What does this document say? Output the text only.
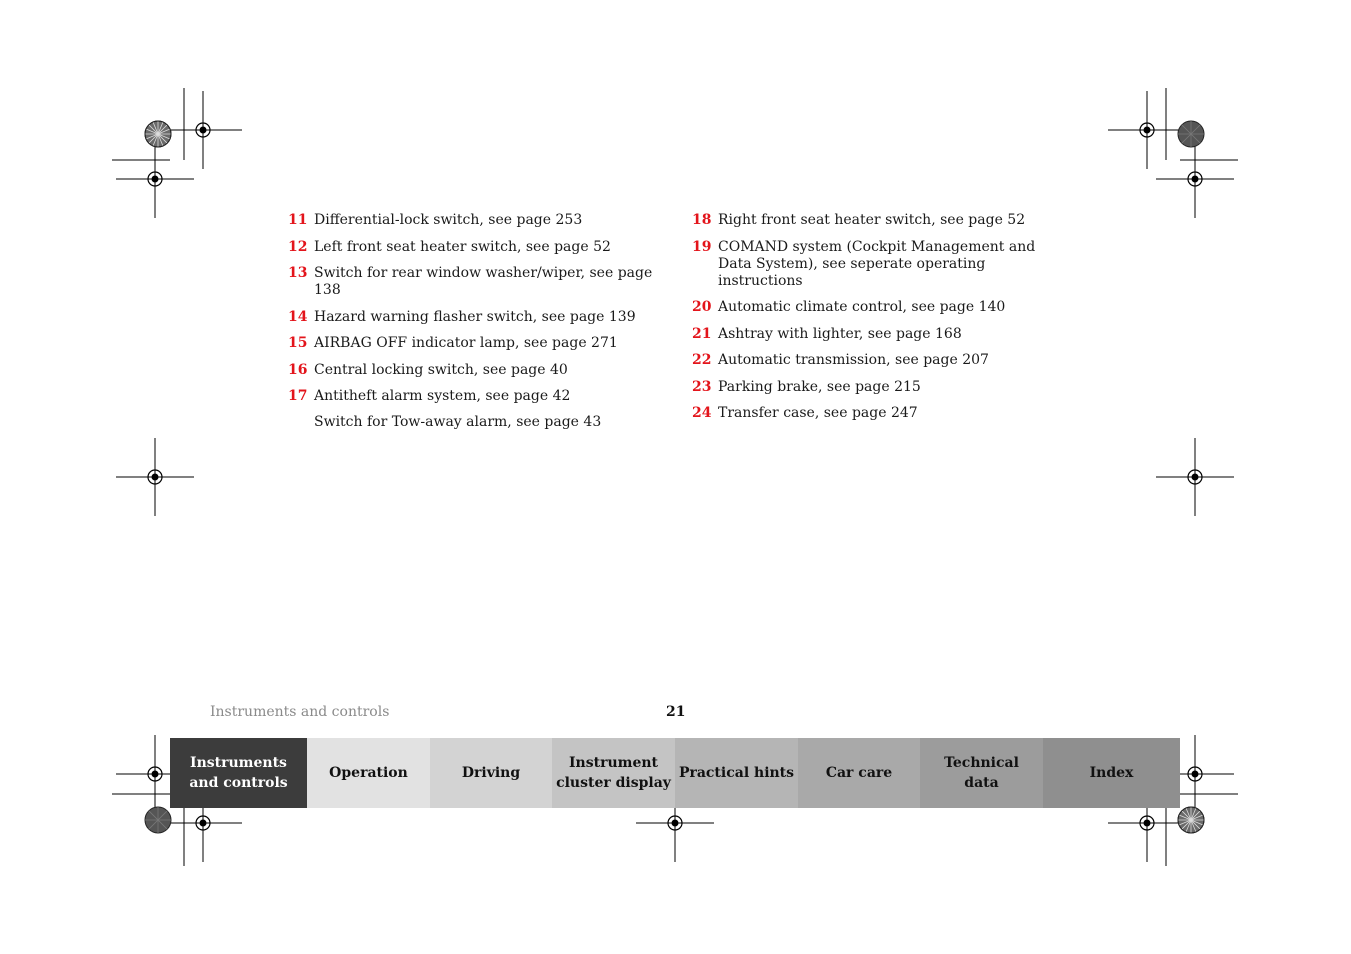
11 Differential-lock switch, see page 253
12 Left front seat heater switch, see page 52
13 Switch for rear window washer/wiper, see page 138
14 Hazard warning flasher switch, see page 139
15 AIRBAG OFF indicator lamp, see page 271
16 Central locking switch, see page 40
17 Antitheft alarm system, see page 42
Switch for Tow-away alarm, see page 43
18 Right front seat heater switch, see page 52
19 COMAND system (Cockpit Management and Data System), see seperate operating instructions
20 Automatic climate control, see page 140
21 Ashtray with lighter, see page 168
22 Automatic transmission, see page 207
23 Parking brake, see page 215
24 Transfer case, see page 247
Instruments and controls	21
Instruments
and controls
Operation	Driving
Instrument
cluster display
Practical hints	Car care
Technical
data
Index
